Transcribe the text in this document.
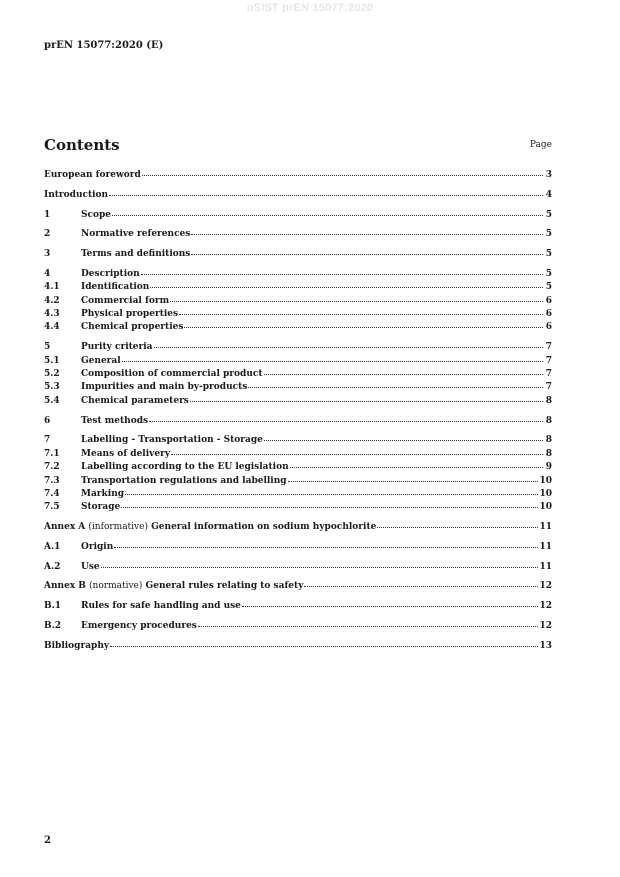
oSIST prEN 15077:2020
prEN 15077:2020 (E)
Contents	Page
European foreword	3
Introduction	4
1	Scope	5
2	Normative references	5
3	Terms and definitions	5
4	Description	5
4.1	Identification	5
4.2	Commercial form	6
4.3	Physical properties	6
4.4	Chemical properties	6
5	Purity criteria	7
5.1	General	7
5.2	Composition of commercial product	7
5.3	Impurities and main by-products	7
5.4	Chemical parameters	8
6	Test methods	8
7	Labelling - Transportation - Storage	8
7.1	Means of delivery	8
7.2	Labelling according to the EU legislation	9
7.3	Transportation regulations and labelling	10
7.4	Marking	10
7.5	Storage	10
Annex A (informative) General information on sodium hypochlorite	11
A.1	Origin	11
A.2	Use	11
Annex B (normative) General rules relating to safety	12
B.1	Rules for safe handling and use	12
B.2	Emergency procedures	12
Bibliography	13
2
